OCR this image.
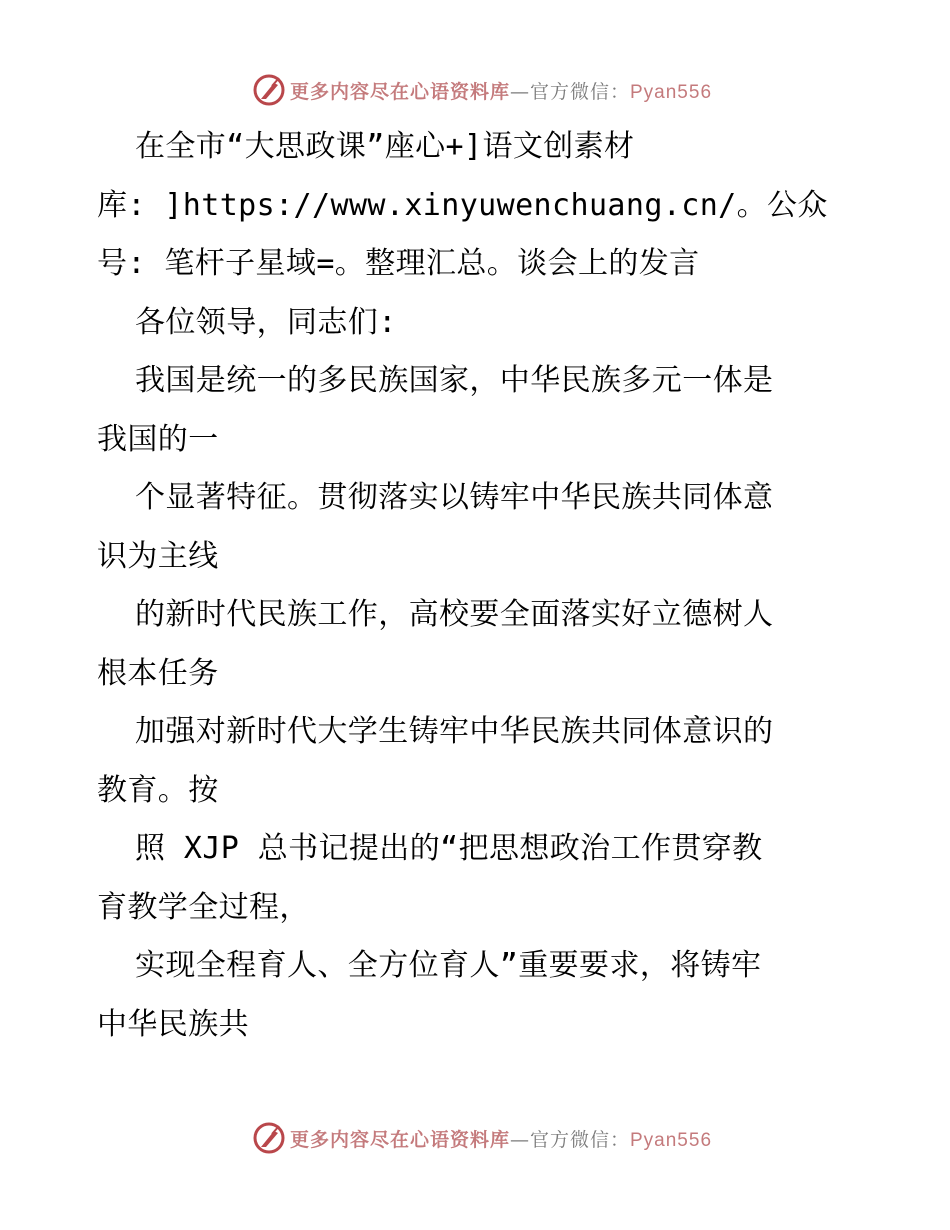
更多内容尽在心语资料库—官方微信：Pyan556
在全市“大思政课”座心+]语文创素材
库: ]https://www.xinyuwenchuang.cn/。公众
号: 笔杆子星域=。整理汇总。谈会上的发言
各位领导，同志们:
我国是统一的多民族国家，中华民族多元一体是
我国的一
个显著特征。贯彻落实以铸牢中华民族共同体意
识为主线
的新时代民族工作，高校要全面落实好立德树人
根本任务
加强对新时代大学生铸牢中华民族共同体意识的
教育。按
照 XJP 总书记提出的“把思想政治工作贯穿教
育教学全过程，
实现全程育人、全方位育人”重要要求，将铸牢
中华民族共
更多内容尽在心语资料库—官方微信：Pyan556
